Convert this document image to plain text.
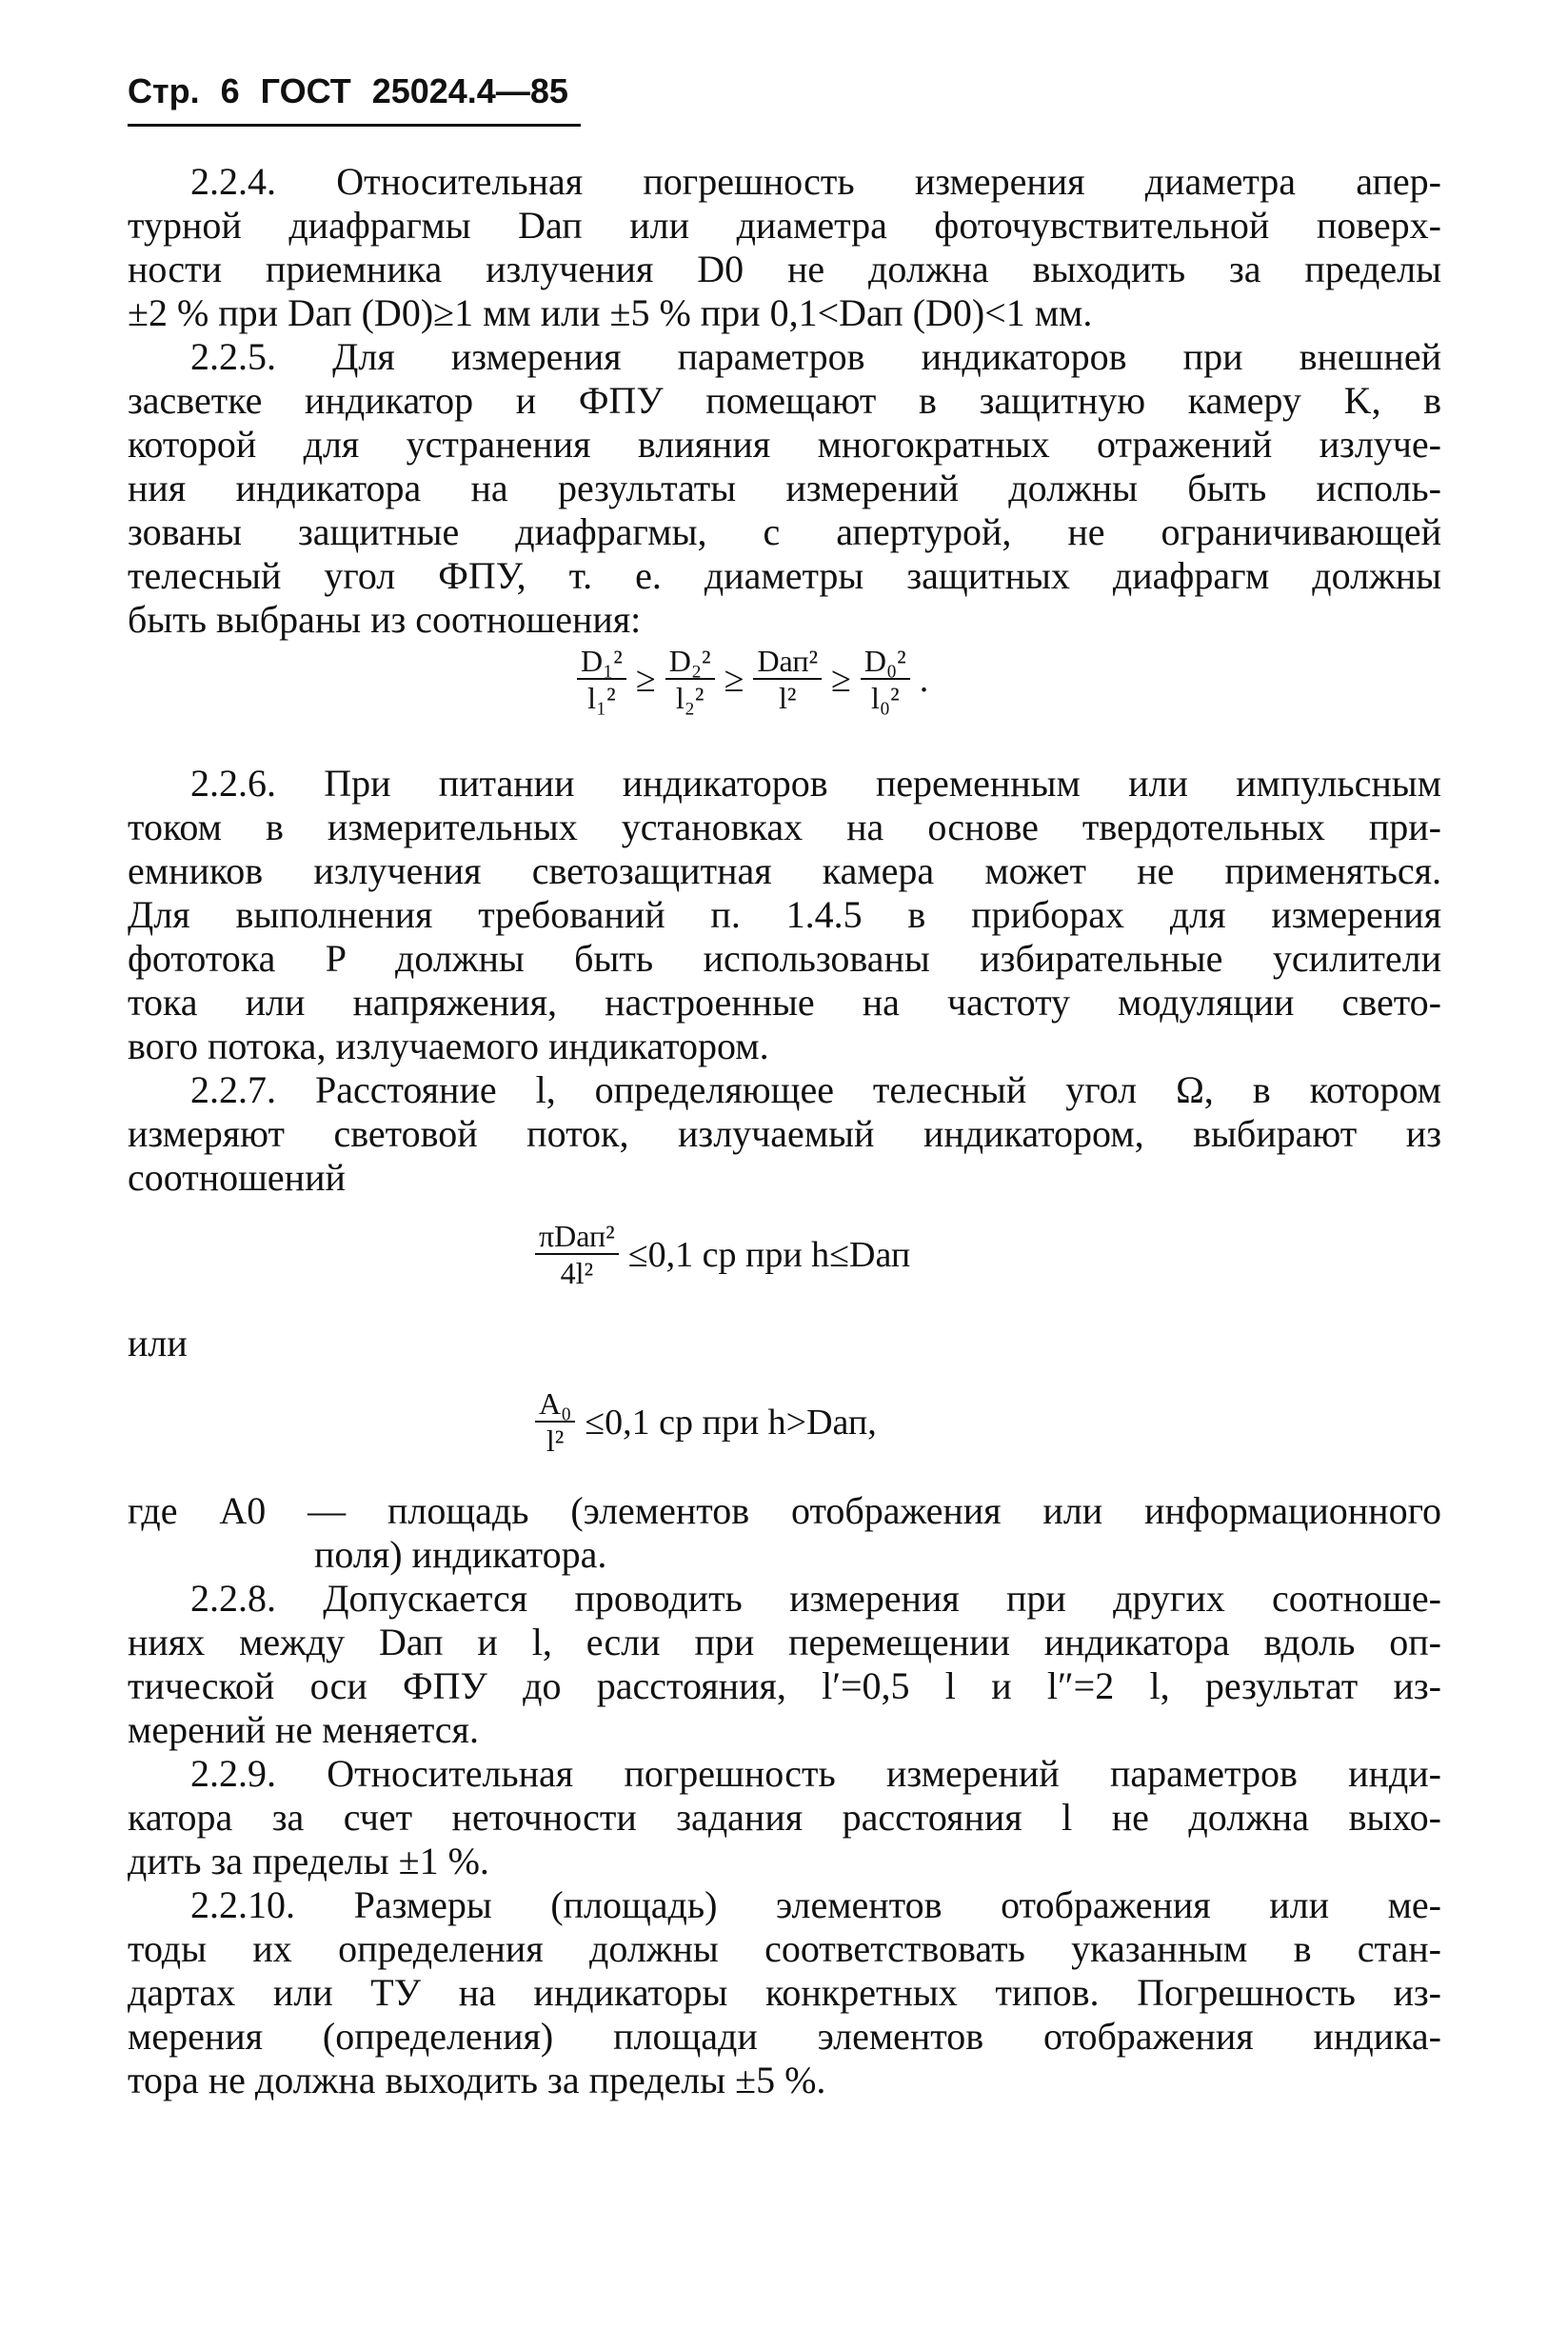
Стр. 6 ГОСТ 25024.4—85
2.2.4. Относительная погрешность измерения диаметра апер-
турной диафрагмы Dап или диаметра фоточувствительной поверх-
ности приемника излучения D0 не должна выходить за пределы
±2 % при Dап (D0)≥1 мм или ±5 % при 0,1<Dап (D0)<1 мм.
2.2.5. Для измерения параметров индикаторов при внешней
засветке индикатор и ФПУ помещают в защитную камеру K, в
которой для устранения влияния многократных отражений излуче-
ния индикатора на результаты измерений должны быть исполь-
зованы защитные диафрагмы, с апертурой, не ограничивающей
телесный угол ФПУ, т. е. диаметры защитных диафрагм должны
быть выбраны из соотношения:
$\frac{\text{D₁²}}{\text{l₁²}} \ge \frac{\text{D₂²}}{\text{l₂²}} \ge \frac{\text{Dап²}}{\text{l²}} \ge \frac{\text{D₀²}}{\text{l₀²}}$ .
2.2.6. При питании индикаторов переменным или импульсным
током в измерительных установках на основе твердотельных при-
емников излучения светозащитная камера может не применяться.
Для выполнения требований п. 1.4.5 в приборах для измерения
фототока P должны быть использованы избирательные усилители
тока или напряжения, настроенные на частоту модуляции свето-
вого потока, излучаемого индикатором.
2.2.7. Расстояние l, определяющее телесный угол Ω, в котором
измеряют световой поток, излучаемый индикатором, выбирают из
соотношений
$\frac{\text{πDап²}}{\text{4l²}} \le 0,1$ ср при h≤Dап
или
$\frac{\text{A₀}}{\text{l²}} \le 0,1$ ср при h>Dап,
где A0 — площадь (элементов отображения или информационного
поля) индикатора.
2.2.8. Допускается проводить измерения при других соотноше-
ниях между Dап и l, если при перемещении индикатора вдоль оп-
тической оси ФПУ до расстояния, l′=0,5 l и l″=2 l, результат из-
мерений не меняется.
2.2.9. Относительная погрешность измерений параметров инди-
катора за счет неточности задания расстояния l не должна выхо-
дить за пределы ±1 %.
2.2.10. Размеры (площадь) элементов отображения или ме-
тоды их определения должны соответствовать указанным в стан-
дартах или ТУ на индикаторы конкретных типов. Погрешность из-
мерения (определения) площади элементов отображения индика-
тора не должна выходить за пределы ±5 %.
